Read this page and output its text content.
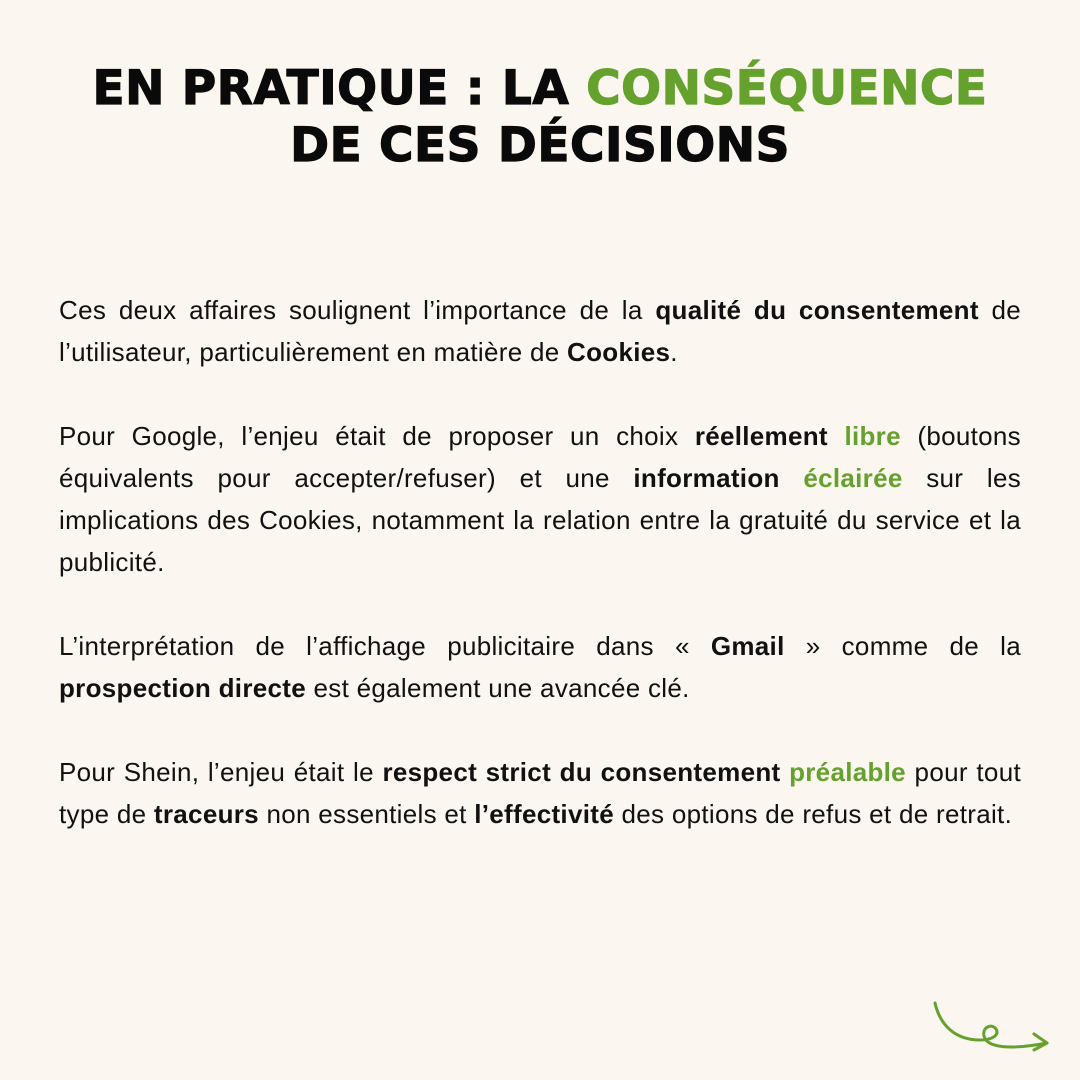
EN PRATIQUE : LA CONSÉQUENCE
DE CES DÉCISIONS

Ces deux affaires soulignent l’importance de la qualité du consentement de l’utilisateur, particulièrement en matière de Cookies.

Pour Google, l’enjeu était de proposer un choix réellement libre (boutons équivalents pour accepter/refuser) et une information éclairée sur les implications des Cookies, notamment la relation entre la gratuité du service et la publicité.

L’interprétation de l’affichage publicitaire dans « Gmail » comme de la prospection directe est également une avancée clé.

Pour Shein, l’enjeu était le respect strict du consentement préalable pour tout type de traceurs non essentiels et l’effectivité des options de refus et de retrait.
